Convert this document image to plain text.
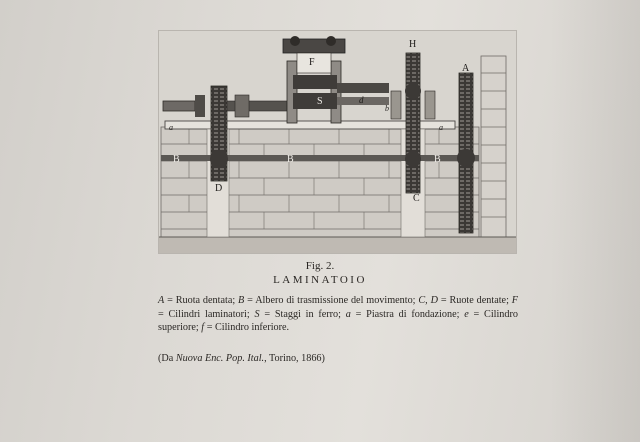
A
B	B	B
C
D
F
H
S
a	a
b
d
Fig. 2.
LAMINATOIO
A = Ruota dentata; B = Albero di trasmissione del movimento; C, D = Ruote dentate; F = Cilindri laminatori; S = Staggi in ferro; a = Piastra di fondazione; e = Cilindro superiore; f = Cilindro inferiore.
(Da Nuova Enc. Pop. Ital., Torino, 1866)
